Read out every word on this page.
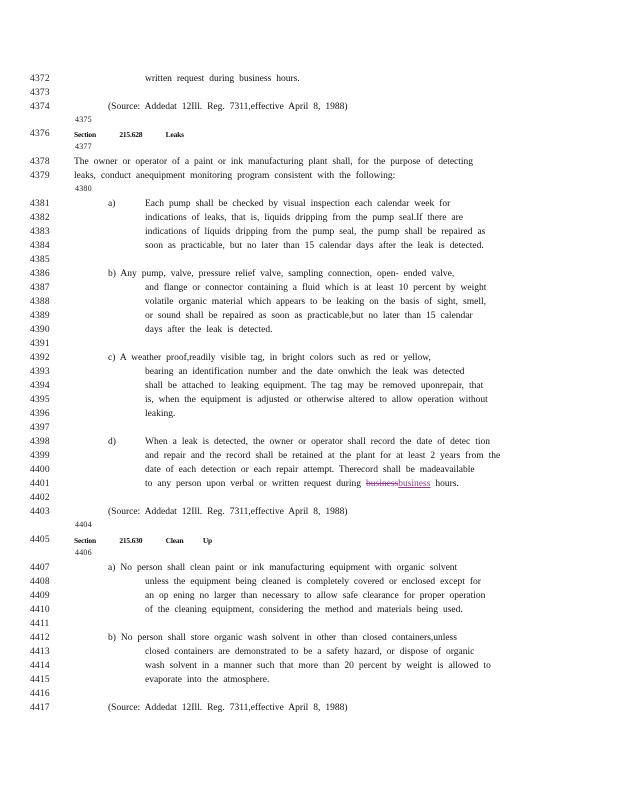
4372
4373
4374
4375
4376
4377
4378
4379
4380
4381
4382
4383
4384
4385
4386
4387
4388
4389
4390
4391
4392
4393
4394
4395
4396
4397
4398
4399
4400
4401
4402
4403
4404
4405
4406
4407
4408
4409
4410
4411
4412
4413
4414
4415
4416
4417
written request during business hours.
(Source: Addedat 12Ill. Reg. 7311,effective April 8, 1988)
Section	215.628	Leaks
The owner or operator of a paint or ink manufacturing plant shall, for the purpose of detecting
leaks, conduct anequipment monitoring program consistent with the following:
a)	Each pump shall be checked by visual inspection each calendar week for
indications of leaks, that is, liquids dripping from the pump seal.If there are
indications of liquids dripping from the pump seal, the pump shall be repaired as
soon as practicable, but no later than 15 calendar days after the leak is detected.
b) Any pump, valve, pressure relief valve, sampling connection, open- ended valve,
and flange or connector containing a fluid which is at least 10 percent by weight
volatile organic material which appears to be leaking on the basis of sight, smell,
or sound shall be repaired as soon as practicable,but no later than 15 calendar
days after the leak is detected.
c) A weather proof,readily visible tag, in bright colors such as red or yellow,
bearing an identification number and the date onwhich the leak was detected
shall be attached to leaking equipment. The tag may be removed uponrepair, that
is, when the equipment is adjusted or otherwise altered to allow operation without
leaking.
d)	When a leak is detected, the owner or operator shall record the date of detec tion
and repair and the record shall be retained at the plant for at least 2 years from the
date of each detection or each repair attempt. Therecord shall be madeavailable
to any person upon verbal or written request during businessbusiness hours.
(Source: Addedat 12Ill. Reg. 7311,effective April 8, 1988)
Section	215.630	Clean	Up
a) No person shall clean paint or ink manufacturing equipment with organic solvent
unless the equipment being cleaned is completely covered or enclosed except for
an op ening no larger than necessary to allow safe clearance for proper operation
of the cleaning equipment, considering the method and materials being used.
b) No person shall store organic wash solvent in other than closed containers,unless
closed containers are demonstrated to be a safety hazard, or dispose of organic
wash solvent in a manner such that more than 20 percent by weight is allowed to
evaporate into the atmosphere.
(Source: Addedat 12Ill. Reg. 7311,effective April 8, 1988)
